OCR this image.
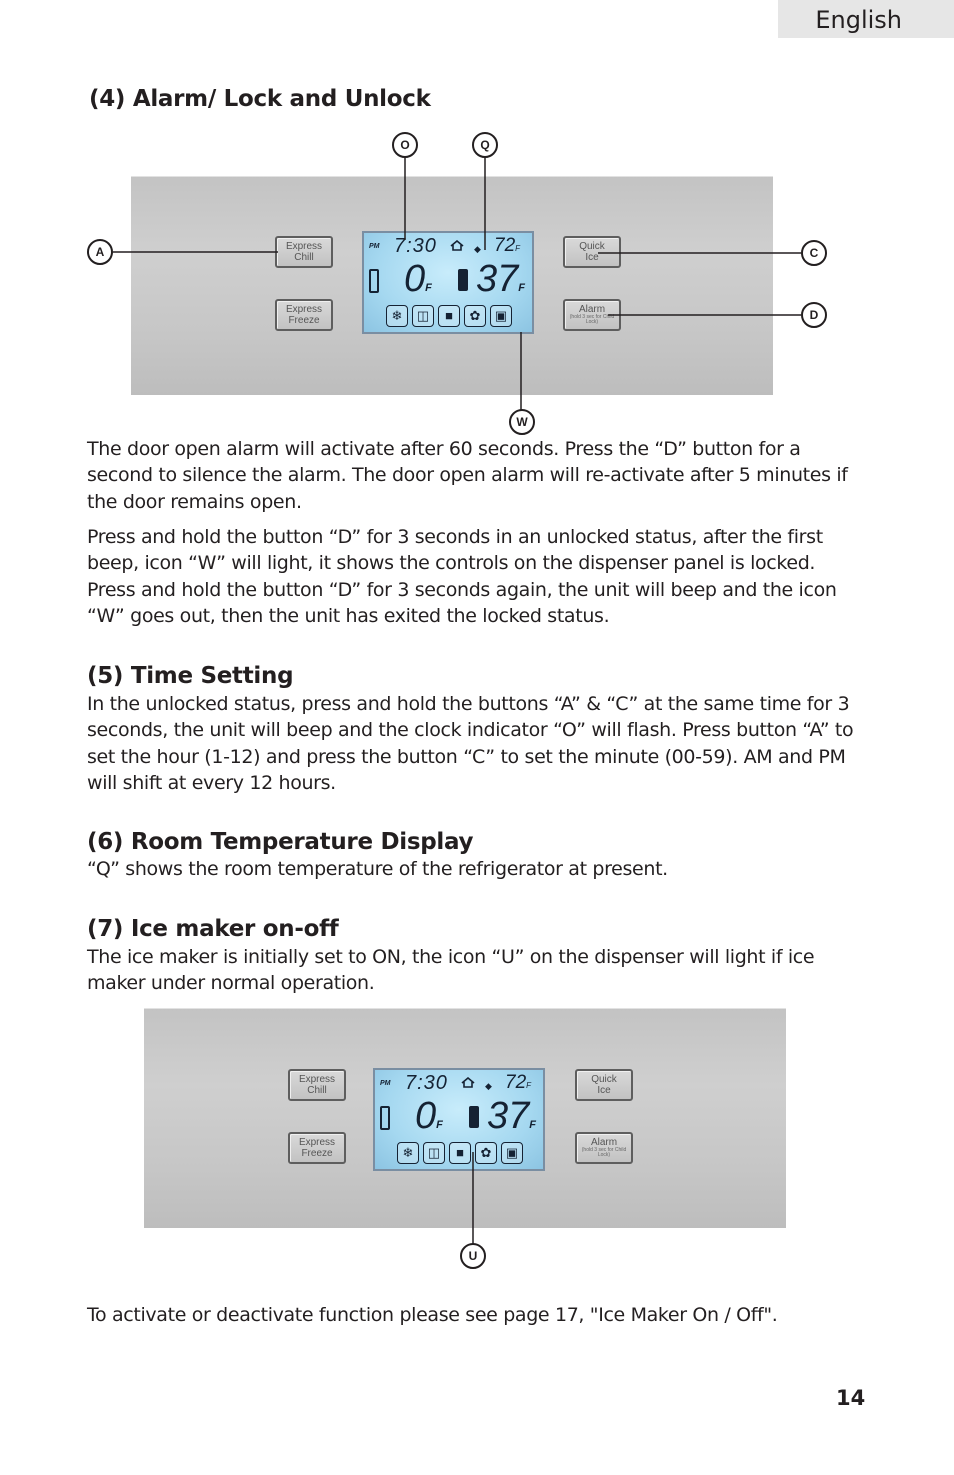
English
(4) Alarm/ Lock and Unlock
Express
Chill
Express
Freeze
Quick
Ice
Alarm
(hold 3 sec for Child Lock)
PM 7:30	◆ 72F
0F 37F
❄	◫	■	✿	▣
O	Q
A	C
D
W

The door open alarm will activate after 60 seconds. Press the “D” button for a second to silence the alarm. The door open alarm will re-activate after 5 minutes if the door remains open.

Press and hold the button “D” for 3 seconds in an unlocked status, after the first beep, icon “W” will light, it shows the controls on the dispenser panel is locked. Press and hold the button “D” for 3 seconds again, the unit will beep and the icon “W” goes out, then the unit has exited the locked status.

(5) Time Setting

In the unlocked status, press and hold the buttons “A” & “C” at the same time for 3 seconds, the unit will beep and the clock indicator “O” will flash. Press button “A” to set the hour (1-12) and press the button “C” to set the minute (00-59). AM and PM will shift at every 12 hours.

(6) Room Temperature Display

“Q” shows the room temperature of the refrigerator at present.

(7) Ice maker on-off

The ice maker is initially set to ON, the icon “U” on the dispenser will light if ice maker under normal operation.

Express
Chill
Express
Freeze
Quick
Ice
Alarm
(hold 3 sec for Child Lock)
PM 7:30	◆ 72F
0F 37F
❄	◫	■	✿	▣
U

To activate or deactivate function please see page 17, "Ice Maker On / Off".

14
